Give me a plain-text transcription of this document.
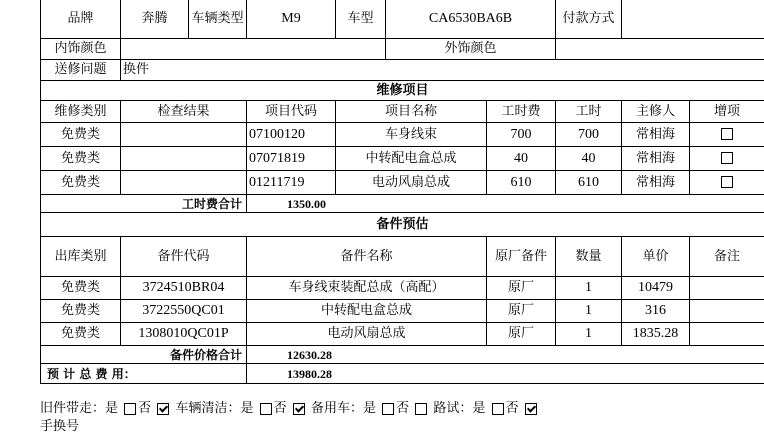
品牌	奔腾	车辆类型	M9	车型	CA6530BA6B		付款方式		
内饰颜色					外饰颜色				
送修问题	换件								
维修项目									
维修类别	检查结果		项目代码	项目名称		工时费	工时	主修人	增项
免费类			07100120	车身线束		700	700	常相海	
免费类			07071819	中转配电盒总成		40	40	常相海	
免费类			01211719	电动风扇总成		610	610	常相海	
工时费合计			1350.00						
备件预估									
出库类别	备件代码		备件名称			原厂备件	数量	单价	备注
免费类	3724510BR04		车身线束装配总成（高配）			原厂	1	10479	
免费类	3722550QC01		中转配电盒总成			原厂	1	316	
免费类	1308010QC01P		电动风扇总成			原厂	1	1835.28	
备件价格合计			12630.28						
预 计 总 费 用：			13980.28						
旧件带走：是 否 车辆清洁：是 否 备用车：是 否 路试：是 否
手换号
